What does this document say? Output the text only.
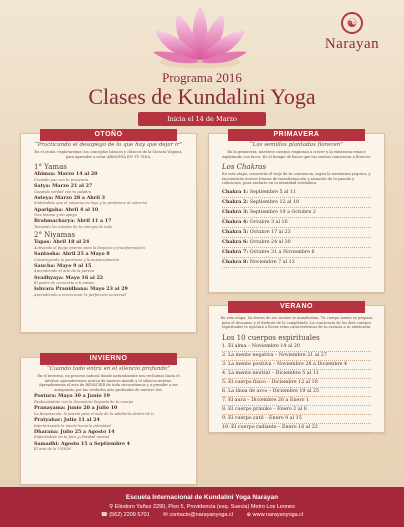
☯
Narayan
Programa 2016
Clases de Kundalini Yoga
Inicia el 14 de Marzo
OTOÑO
“Practicando el desapego de lo que hay que dejar ir”
En el otoño, exploraremos los conceptos básicos y clásicos de la Ciencia Yóguica, para aprender a estar ARMONÍA EN TU VIDA.
1° Yamas
Ahimsa: Marzo 14 al 20
Creando paz con tu presencia
Satya: Marzo 21 al 27
Gozando verdad con tu palabra
Asteya: Marzo 28 a Abril 3
Sintiéndote que el universo es tuyo y tu pertenece al universo
Aparigaha: Abril 4 al 10
Vive liviano y sin apego
Brahmacharya: Abril 11 a 17
Tomando los estados de tu energía de todo
2° Niyamas
Tapas: Abril 18 al 24
Activando el fuego interno para la limpieza y transformación
Santosha: Abril 25 a Mayo 8
Construyendo la paciencia y la autoaceptación
Saucha: Mayo 9 al 15
Aprendiendo el arte de la pureza
Svadhyaya: Mayo 16 al 22
El poder de conocerte a ti mismo
Ishvara Pranidhana: Mayo 23 al 29
Aprendiendo a reverenciar la perfección universal
INVIERNO
“Cuando todo entra en el silencio profundo”
En el invierno, un proceso natural donde naturalmente nos recluimos hacia el interior, aprenderemos acerca de nuestro mundo y el silencio interno. Aprenderemos el arte de REVACIER de toda circunstancia y a prender a ser autopuesto por las verdades más profundas de nuestro Ser.
Postura: Mayo 30 a Junio 19
Realineándote con la Geometría Sagrada de tu cuerpo
Pranayama: Junio 20 a Julio 10
La Respiración, la puerta para el nido de la sabiduría dentro de ti
Pratyahar: Julio 11 al 24
Interiorizando la mente hacia la intimidad
Dharana: Julio 25 a Agosto 14
Enfocándote en tu foco y claridad mental
Samadhi: Agosto 15 a Septiembre 4
El arte de la UNIÓN
PRIMAVERA
“Las semillas plantadas florecen”
En la primavera, nuestros cuerpos empiezan a crecer y la existencia renace explotando con luces. Es el tiempo de hacer que tus sueños comiencen a florecer.
Los Chakras
En esta etapa, conocerás el viaje de tu conciencia, según la enseñanza yoguica, y encontrarás nuevas formas de transformación y sanación de tu pasado y relaciones, para anclarte en tu identidad verdadera.
Chakra 1: Septiembre 5 al 11
Chakra 2: Septiembre 12 al 18
Chakra 3: Septiembre 19 a Octubre 2
Chakra 4: Octubre 3 al 16
Chakra 5: Octubre 17 al 23
Chakra 6: Octubre 24 al 30
Chakra 7: Octubre 31 a Noviembre 6
Chakra 8: Noviembre 7 al 13
VERANO
En esta etapa, los frutos de tus sueños se manifiestan. Tu cuerpo mente se prepara para el descanso y el disfrute de lo completado. La conciencia de los diez cuerpos espirituales te ayudará a llevar estas características de tu esencia a tu existencia.
Los 10 cuerpos espirituales
1. El alma – Noviembre 14 al 20
2. La mente negativa – Noviembre 21 al 27
3. La mente positiva – Noviembre 28 a Diciembre 4
4. La mente neutral – Diciembre 5 al 11
5. El cuerpo físico – Diciembre 12 al 18
6. La línea de arco – Diciembre 19 al 25
7. El aura – Diciembre 26 a Enero 1
8. El cuerpo prániko – Enero 2 al 8
9. El cuerpo sutil – Enero 9 al 15
10. El cuerpo radiante – Enero 16 al 22
Escuela Internacional de Kundalini Yoga Narayan
⚲ Eliodoro Yañez 2290, Piso 5, Providencia (esq. Suecia) Metro Los Leones
☎ (562) 2209 5701 ✉ contacto@narayanyoga.cl ⊕ www.narayanyoga.cl
